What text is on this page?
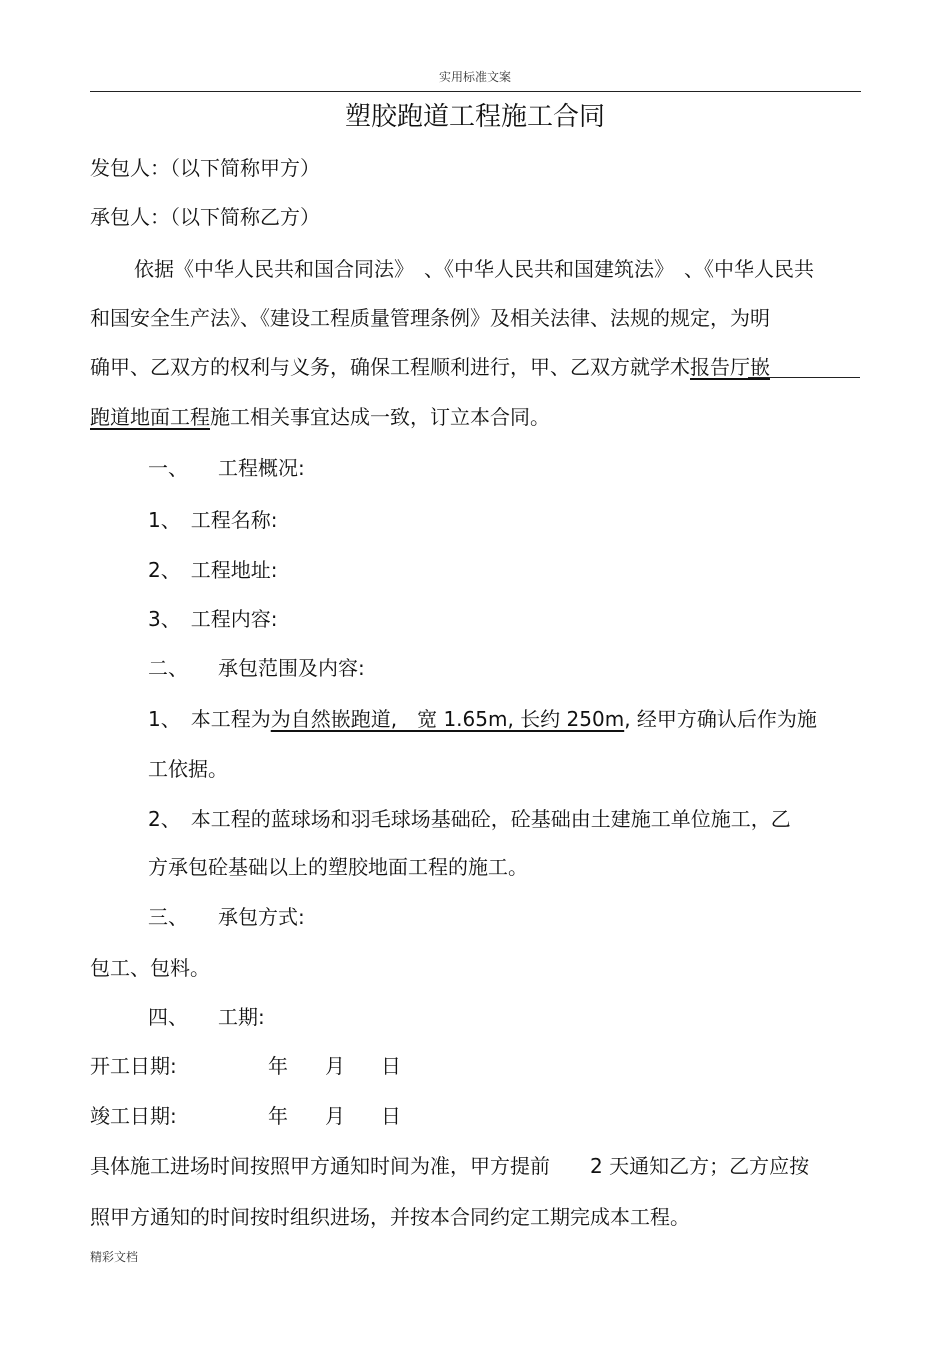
实用标准文案
塑胶跑道工程施工合同
发包人：（以下简称甲方）
承包人：（以下简称乙方）
依据《中华人民共和国合同法》　、《中华人民共和国建筑法》　、《中华人民共
和国安全生产法》、《建设工程质量管理条例》及相关法律、法规的规定，为明
确甲、乙双方的权利与义务，确保工程顺利进行，甲、乙双方就学术报告厅嵌
跑道地面工程施工相关事宜达成一致，订立本合同。
一、　　工程概况:
1、　工程名称:
2、　工程地址:
3、　工程内容:
二、　　承包范围及内容:
1、　本工程为为自然嵌跑道,　宽 1.65m, 长约 250m, 经甲方确认后作为施
工依据。
2、　本工程的蓝球场和羽毛球场基础砼，砼基础由土建施工单位施工，乙
方承包砼基础以上的塑胶地面工程的施工。
三、　　承包方式:
包工、包料。
四、　　工期:
开工日期:	年 月 日
竣工日期:	年 月 日
具体施工进场时间按照甲方通知时间为准，甲方提前　　2 天通知乙方；乙方应按
照甲方通知的时间按时组织进场，并按本合同约定工期完成本工程。
精彩文档
